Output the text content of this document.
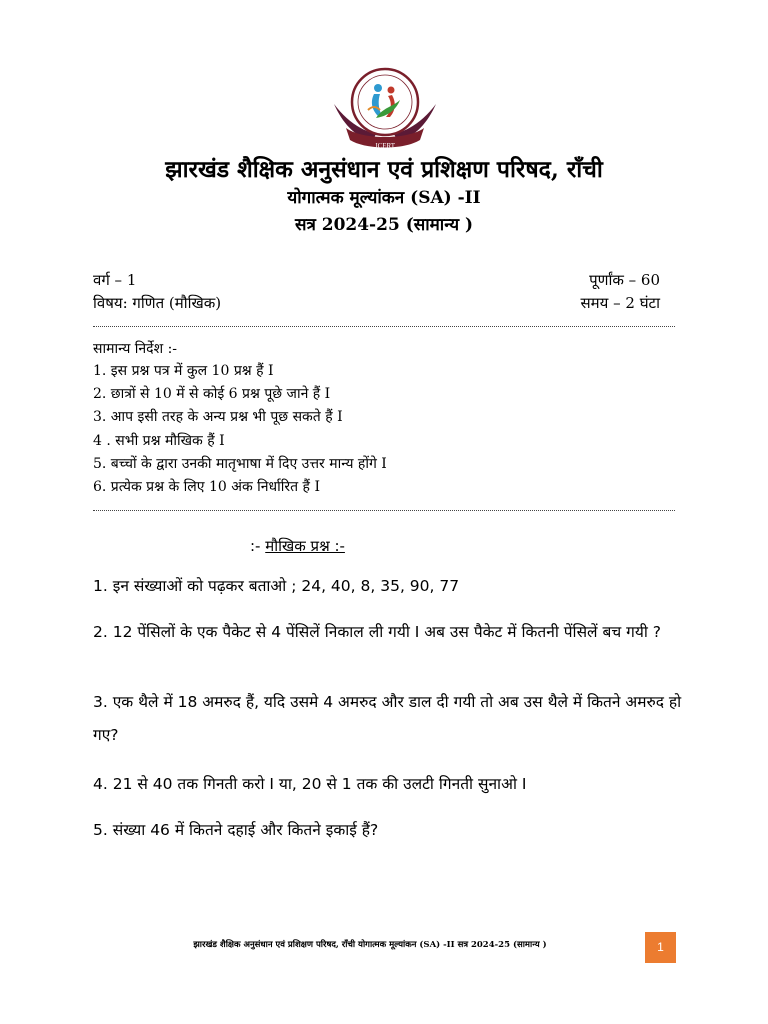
JCERT
झारखंड शैक्षिक अनुसंधान एवं प्रशिक्षण परिषद, राँची
योगात्मक मूल्यांकन (SA) -II
सत्र 2024-25 (सामान्य )
वर्ग – 1	पूर्णांक – 60
विषय: गणित (मौखिक)	समय – 2 घंटा
सामान्य निर्देश :-
1. इस प्रश्न पत्र में कुल 10 प्रश्न हैं I
2. छात्रों से 10 में से कोई 6 प्रश्न पूछे जाने हैं I
3. आप इसी तरह के अन्य प्रश्न भी पूछ सकते हैं I
4 . सभी प्रश्न मौखिक हैं I
5. बच्चों के द्वारा उनकी मातृभाषा में दिए उत्तर मान्य होंगे I
6. प्रत्येक प्रश्न के लिए 10 अंक निर्धारित हैं I
:- मौखिक प्रश्न :-
1. इन संख्याओं को पढ़कर बताओ ; 24, 40, 8, 35, 90, 77
2. 12 पेंसिलों के एक पैकेट से 4 पेंसिलें निकाल ली गयी I अब उस पैकेट में कितनी पेंसिलें बच गयी ?
3. एक थैले में 18 अमरुद हैं, यदि उसमे 4 अमरुद और डाल दी गयी तो अब उस थैले में कितने अमरुद हो गए?
4. 21 से 40 तक गिनती करो I या, 20 से 1 तक की उलटी गिनती सुनाओ I
5. संख्या 46 में कितने दहाई और कितने इकाई हैं?
झारखंड शैक्षिक अनुसंधान एवं प्रशिक्षण परिषद, राँची योगात्मक मूल्यांकन (SA) -II सत्र 2024-25 (सामान्य )	1
